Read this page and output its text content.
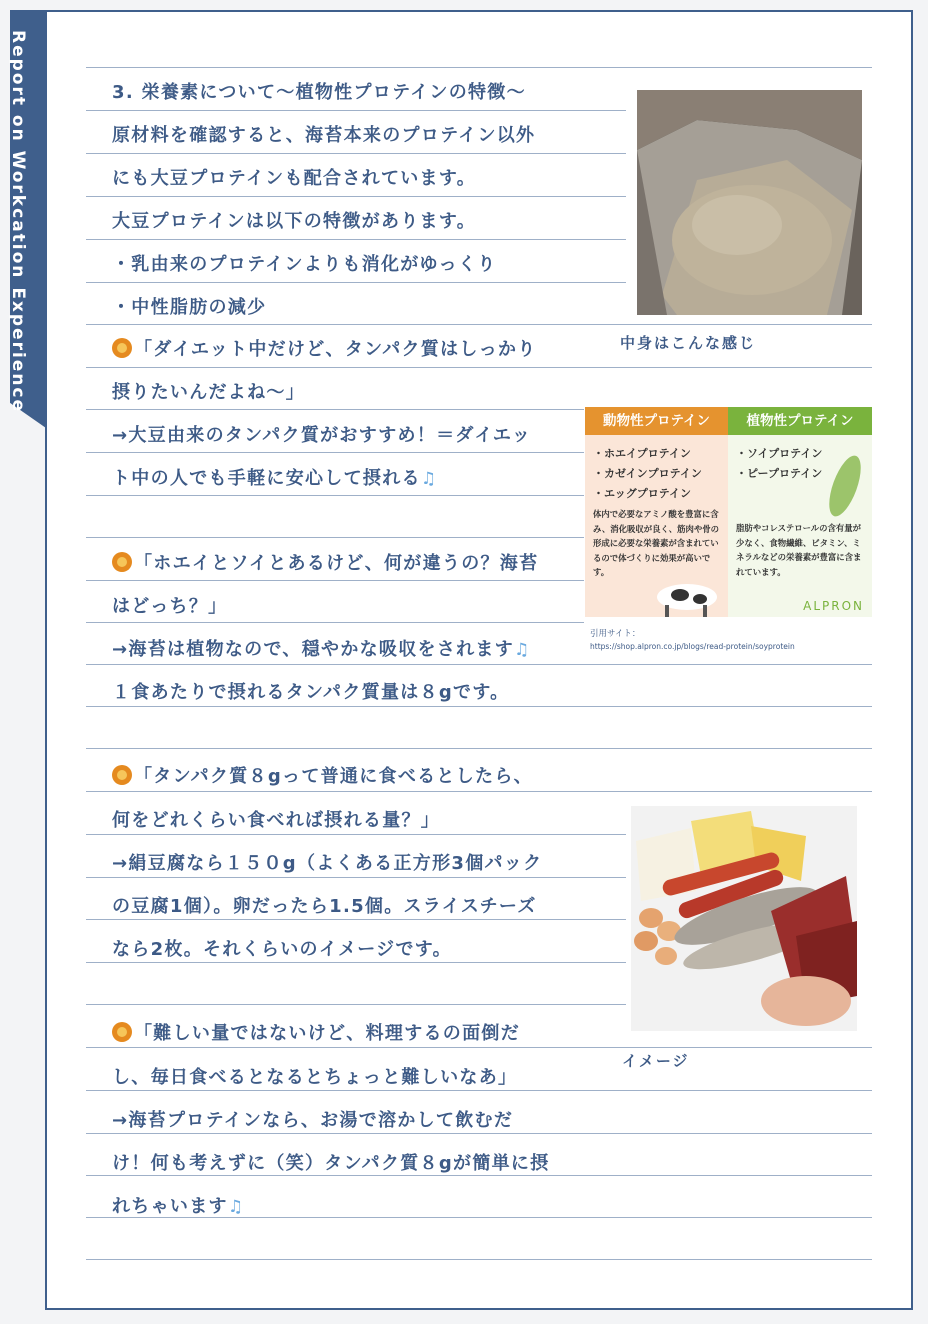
Report on Workcation Experience	3. 栄養素について〜植物性プロテインの特徴〜
原材料を確認すると、海苔本来のプロテイン以外
にも大豆プロテインも配合されています。
大豆プロテインは以下の特徴があります。
・乳由来のプロテインよりも消化がゆっくり
・中性脂肪の減少
「ダイエット中だけど、タンパク質はしっかり
摂りたいんだよね〜」
→大豆由来のタンパク質がおすすめ！＝ダイエッ
ト中の人でも手軽に安心して摂れる♫
「ホエイとソイとあるけど、何が違うの？海苔
はどっち？」
→海苔は植物なので、穏やかな吸収をされます♫
１食あたりで摂れるタンパク質量は８gです。
「タンパク質８gって普通に食べるとしたら、
何をどれくらい食べれば摂れる量？」
→絹豆腐なら１５０g（よくある正方形3個パック
の豆腐1個）。卵だったら1.5個。スライスチーズ
なら2枚。それくらいのイメージです。
「難しい量ではないけど、料理するの面倒だ
し、毎日食べるとなるとちょっと難しいなあ」
→海苔プロテインなら、お湯で溶かして飲むだ
け！何も考えずに（笑）タンパク質８gが簡単に摂
れちゃいます♫
中身はこんな感じ
動物性プロテイン
・ホエイプロテイン
・カゼインプロテイン
・エッグプロテイン
体内で必要なアミノ酸を豊富に含み、消化吸収が良く、筋肉や骨の形成に必要な栄養素が含まれているので体づくりに効果が高いです。
植物性プロテイン
・ソイプロテイン
・ピープロテイン
脂肪やコレステロールの含有量が少なく、食物繊維、ビタミン、ミネラルなどの栄養素が豊富に含まれています。
ALPRON
引用サイト：
https://shop.alpron.co.jp/blogs/read-protein/soyprotein
イメージ
